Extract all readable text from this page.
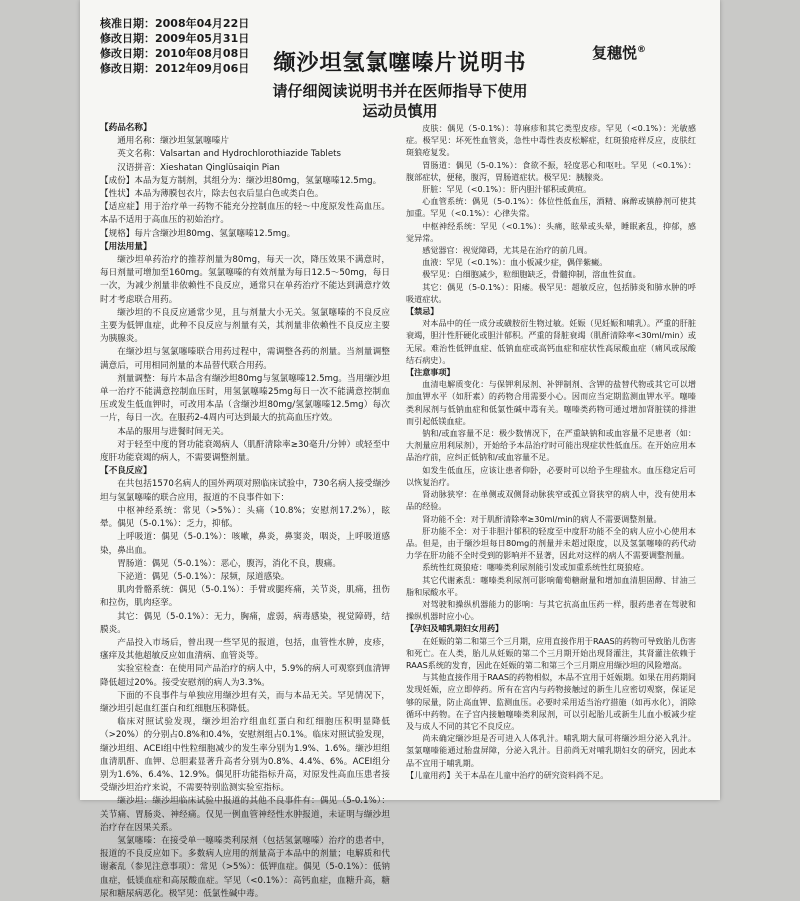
核准日期：2008年04月22日
修改日期：2009年05月31日
修改日期：2010年08月08日
修改日期：2012年09月06日
复穗悦®
缬沙坦氢氯噻嗪片说明书
请仔细阅读说明书并在医师指导下使用
运动员慎用

【药品名称】

通用名称：缬沙坦氢氯噻嗪片

英文名称：Valsartan and Hydrochlorothiazide Tablets

汉语拼音：Xieshatan Qinglüsaiqin Pian

【成份】本品为复方制剂，其组分为：缬沙坦80mg，氢氯噻嗪12.5mg。

【性状】本品为薄膜包衣片，除去包衣后显白色或类白色。

【适应症】用于治疗单一药物不能充分控制血压的轻～中度原发性高血压。本品不适用于高血压的初始治疗。

【规格】每片含缬沙坦80mg、氢氯噻嗪12.5mg。

【用法用量】

缬沙坦单药治疗的推荐剂量为80mg，每天一次，降压效果不满意时，每日剂量可增加至160mg。氢氯噻嗪的有效剂量为每日12.5～50mg，每日一次，为减少剂量非依赖性不良反应，通常只在单药治疗不能达到满意疗效时才考虑联合用药。

缬沙坦的不良反应通常少见，且与剂量大小无关。氢氯噻嗪的不良反应主要为低钾血症，此种不良反应与剂量有关，其剂量非依赖性不良反应主要为胰腺炎。

在缬沙坦与氢氯噻嗪联合用药过程中，需调整各药的剂量。当剂量调整满意后，可用相同剂量的本品替代联合用药。

剂量调整：每片本品含有缬沙坦80mg与氢氯噻嗪12.5mg。当用缬沙坦单一治疗不能满意控制血压时，用氢氯噻嗪25mg每日一次不能满意控制血压或发生低血钾时，可改用本品（含缬沙坦80mg/氢氯噻嗪12.5mg）每次一片，每日一次。在服药2-4周内可达到最大的抗高血压疗效。

本品的服用与进餐时间无关。

对于轻至中度的肾功能衰竭病人（肌酐清除率≥30毫升/分钟）或轻至中度肝功能衰竭的病人，不需要调整剂量。

【不良反应】

在共包括1570名病人的国外两项对照临床试验中，730名病人接受缬沙坦与氢氯噻嗪的联合应用，报道的不良事件如下：

中枢神经系统：常见（>5%）：头痛（10.8%；安慰剂17.2%），眩晕。偶见（5-0.1%）：乏力，抑郁。

上呼吸道：偶见（5-0.1%）：咳嗽，鼻炎，鼻窦炎，咽炎，上呼吸道感染，鼻出血。

胃肠道：偶见（5-0.1%）：恶心，腹泻，消化不良，腹痛。

下泌道：偶见（5-0.1%）：尿频，尿道感染。

肌肉骨骼系统：偶见（5-0.1%）：手臂或腿疼痛，关节炎，肌痛，扭伤和拉伤，肌肉痉挛。

其它：偶见（5-0.1%）：无力，胸痛，虚弱，病毒感染，视觉障碍，结膜炎。

产品投入市场后，曾出现一些罕见的报道，包括，血管性水肿，皮疹，瘙痒及其他超敏反应如血清病、血管炎等。

实验室检查：在使用同产品治疗的病人中，5.9%的病人可观察到血清钾降低超过20%。接受安慰剂的病人为3.3%。

下面的不良事件与单独应用缬沙坦有关，而与本品无关。罕见情况下，缬沙坦引起血红蛋白和红细胞压积降低。

临床对照试验发现，缬沙坦治疗组血红蛋白和红细胞压积明显降低（>20%）的分别占0.8%和0.4%，安慰剂组占0.1%。临床对照试验发现，缬沙坦组、ACEI组中性粒细胞减少的发生率分别为1.9%、1.6%。缬沙坦组血清肌酐、血钾、总胆素显著升高者分别为0.8%、4.4%、6%。ACEI组分别为1.6%、6.4%、12.9%。偶见肝功能指标升高，对原发性高血压患者接受缬沙坦治疗来说，不需要特别监测实验室指标。

缬沙坦：缬沙坦临床试验中报道的其他不良事件有：偶见（5-0.1%）：关节痛、胃肠炎、神经痛。仅见一例血管神经性水肿报道，未证明与缬沙坦治疗存在因果关系。

氢氯噻嗪：在接受单一噻嗪类利尿剂（包括氢氯噻嗪）治疗的患者中，报道的不良反应如下。多数病人应用的剂量高于本品中的剂量；电解质和代谢紊乱（参见注意事项）：常见（>5%）：低钾血症。偶见（5-0.1%）：低钠血症，低镁血症和高尿酸血症。罕见（<0.1%）：高钙血症，血糖升高，糖尿和糖尿病恶化。极罕见：低氯性碱中毒。

皮肤：偶见（5-0.1%）：荨麻疹和其它类型皮疹。罕见（<0.1%）：光敏感症。极罕见：坏死性血管炎，急性中毒性表皮松解症，红斑狼疮样反应，皮肤红斑狼疮复发。

胃肠道：偶见（5-0.1%）：食欲不振，轻度恶心和呕吐。罕见（<0.1%）：腹部症状，便秘，腹泻，胃肠道症状。极罕见：胰腺炎。

肝脏：罕见（<0.1%）：肝内胆汁郁积或黄疸。

心血管系统：偶见（5-0.1%）：体位性低血压，酒精、麻醉或镇静剂可使其加重。罕见（<0.1%）：心律失常。

中枢神经系统：罕见（<0.1%）：头痛，眩晕或头晕，睡眠紊乱，抑郁，感觉异常。

感觉器官：视觉障碍，尤其是在治疗的前几周。

血液：罕见（<0.1%）：血小板减少症，偶伴紫癜。

极罕见：白细胞减少，粒细胞缺乏，骨髓抑制，溶血性贫血。

其它：偶见（5-0.1%）：阳痿。极罕见：超敏反应，包括肺炎和肺水肿的呼吸道症状。

【禁忌】

对本品中的任一成分或磺胺衍生物过敏。妊娠（见妊娠和哺乳）。严重的肝脏衰竭，胆汁性肝硬化或胆汁郁积。严重的肾脏衰竭（肌酐清除率<30ml/min）或无尿。难治性低钾血症、低钠血症或高钙血症和症状性高尿酸血症（痛风或尿酸结石病史）。

【注意事项】

血清电解质变化：与保钾利尿剂、补钾制剂、含钾的盐替代物或其它可以增加血钾水平（如肝素）的药物合用需要小心。因而应当定期监测血钾水平。噻嗪类利尿剂与低钠血症和低氯性碱中毒有关。噻嗪类药物可通过增加肾脏镁的排泄而引起低镁血症。

钠和/或血容量不足：极少数情况下，在严重缺钠和或血容量不足患者（如：大剂量应用利尿剂），开始给予本品治疗时可能出现症状性低血压。在开始应用本品治疗前，应纠正低钠和/或血容量不足。

如发生低血压，应该让患者仰卧，必要时可以给予生理盐水。血压稳定后可以恢复治疗。

肾动脉狭窄：在单侧或双侧肾动脉狭窄或孤立肾狭窄的病人中，没有使用本品的经验。

肾功能不全：对于肌酐清除率≥30ml/min的病人不需要调整剂量。

肝功能不全：对于非胆汁郁积的轻度至中度肝功能不全的病人应小心使用本品。但是，由于缬沙坦每日80mg的剂量并未超过限度，以及氢氯噻嗪的药代动力学在肝功能不全时受到的影响并不显著，因此对这样的病人不需要调整剂量。

系统性红斑狼疮：噻嗪类利尿剂能引发或加重系统性红斑狼疮。

其它代谢紊乱：噻嗪类利尿剂可影响葡萄糖耐量和增加血清胆固醇、甘油三脂和尿酸水平。

对驾驶和操纵机器能力的影响：与其它抗高血压药一样，服药患者在驾驶和操纵机器时应小心。

【孕妇及哺乳期妇女用药】

在妊娠的第二和第三个三月期，应用直接作用于RAAS的药物可导致胎儿伤害和死亡。在人类，胎儿从妊娠的第二个三月期开始出现肾灌注，其肾灌注依赖于RAAS系统的发育，因此在妊娠的第二和第三个三月期应用缬沙坦的风险增高。

与其他直接作用于RAAS的药物相似，本品不宜用于妊娠期。如果在用药期间发现妊娠，应立即停药。所有在宫内与药物接触过的新生儿应密切观察，保证足够的尿量，防止高血钾、监测血压。必要时采用适当治疗措施（如再水化），消除循环中药物。在子宫内接触噻嗪类利尿剂，可以引起胎儿或新生儿血小板减少症及与成人不同的其它不良反应。

尚未确定缬沙坦是否可进入人体乳汁。哺乳期大鼠可将缬沙坦分泌入乳汁。氢氯噻嗪能通过胎盘屏障，分泌入乳汁。目前尚无对哺乳期妇女的研究，因此本品不宜用于哺乳期。

【儿童用药】关于本品在儿童中治疗的研究资料尚不足。
